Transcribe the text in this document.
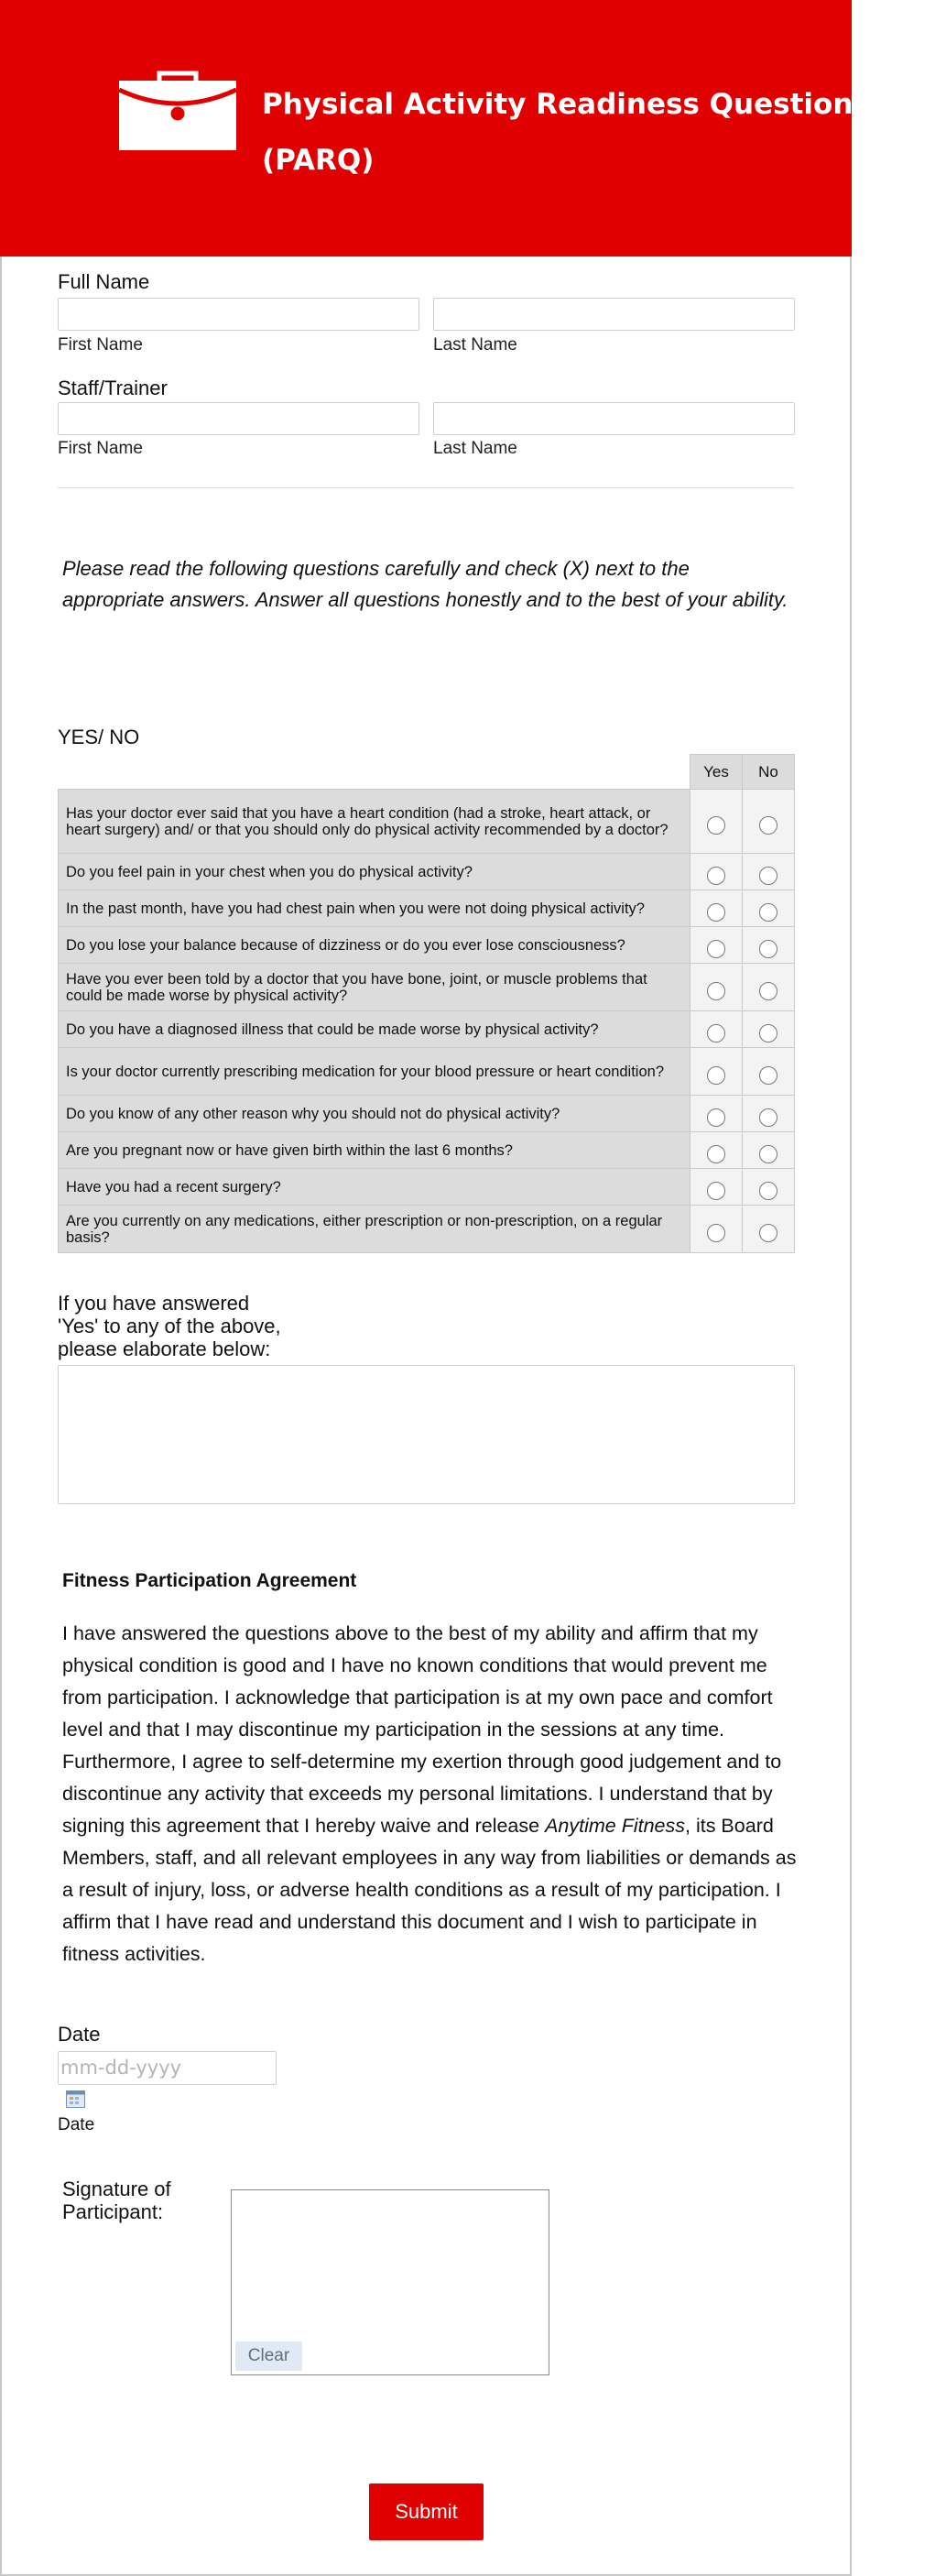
Physical Activity Readiness Questionnaire
(PARQ)
Full Name
First Name	Last Name
Staff/Trainer
First Name	Last Name
Please read the following questions carefully and check (X) next to the appropriate answers. Answer all questions honestly and to the best of your ability.
YES/ NO
	Yes	No
Has your doctor ever said that you have a heart condition (had a stroke, heart attack, or heart surgery) and/ or that you should only do physical activity recommended by a doctor?		
Do you feel pain in your chest when you do physical activity?		
In the past month, have you had chest pain when you were not doing physical activity?		
Do you lose your balance because of dizziness or do you ever lose consciousness?		
Have you ever been told by a doctor that you have bone, joint, or muscle problems that could be made worse by physical activity?		
Do you have a diagnosed illness that could be made worse by physical activity?		
Is your doctor currently prescribing medication for your blood pressure or heart condition?		
Do you know of any other reason why you should not do physical activity?		
Are you pregnant now or have given birth within the last 6 months?		
Have you had a recent surgery?		
Are you currently on any medications, either prescription or non-prescription, on a regular basis?		
If you have answered
'Yes' to any of the above,
please elaborate below:
Fitness Participation Agreement
I have answered the questions above to the best of my ability and affirm that my physical condition is good and I have no known conditions that would prevent me from participation. I acknowledge that participation is at my own pace and comfort level and that I may discontinue my participation in the sessions at any time. Furthermore, I agree to self-determine my exertion through good judgement and to discontinue any activity that exceeds my personal limitations. I understand that by signing this agreement that I hereby waive and release Anytime Fitness, its Board Members, staff, and all relevant employees in any way from liabilities or demands as a result of injury, loss, or adverse health conditions as a result of my participation. I affirm that I have read and understand this document and I wish to participate in fitness activities.
Date
mm-dd-yyyy
Date
Signature of
Participant:
Clear
Submit
